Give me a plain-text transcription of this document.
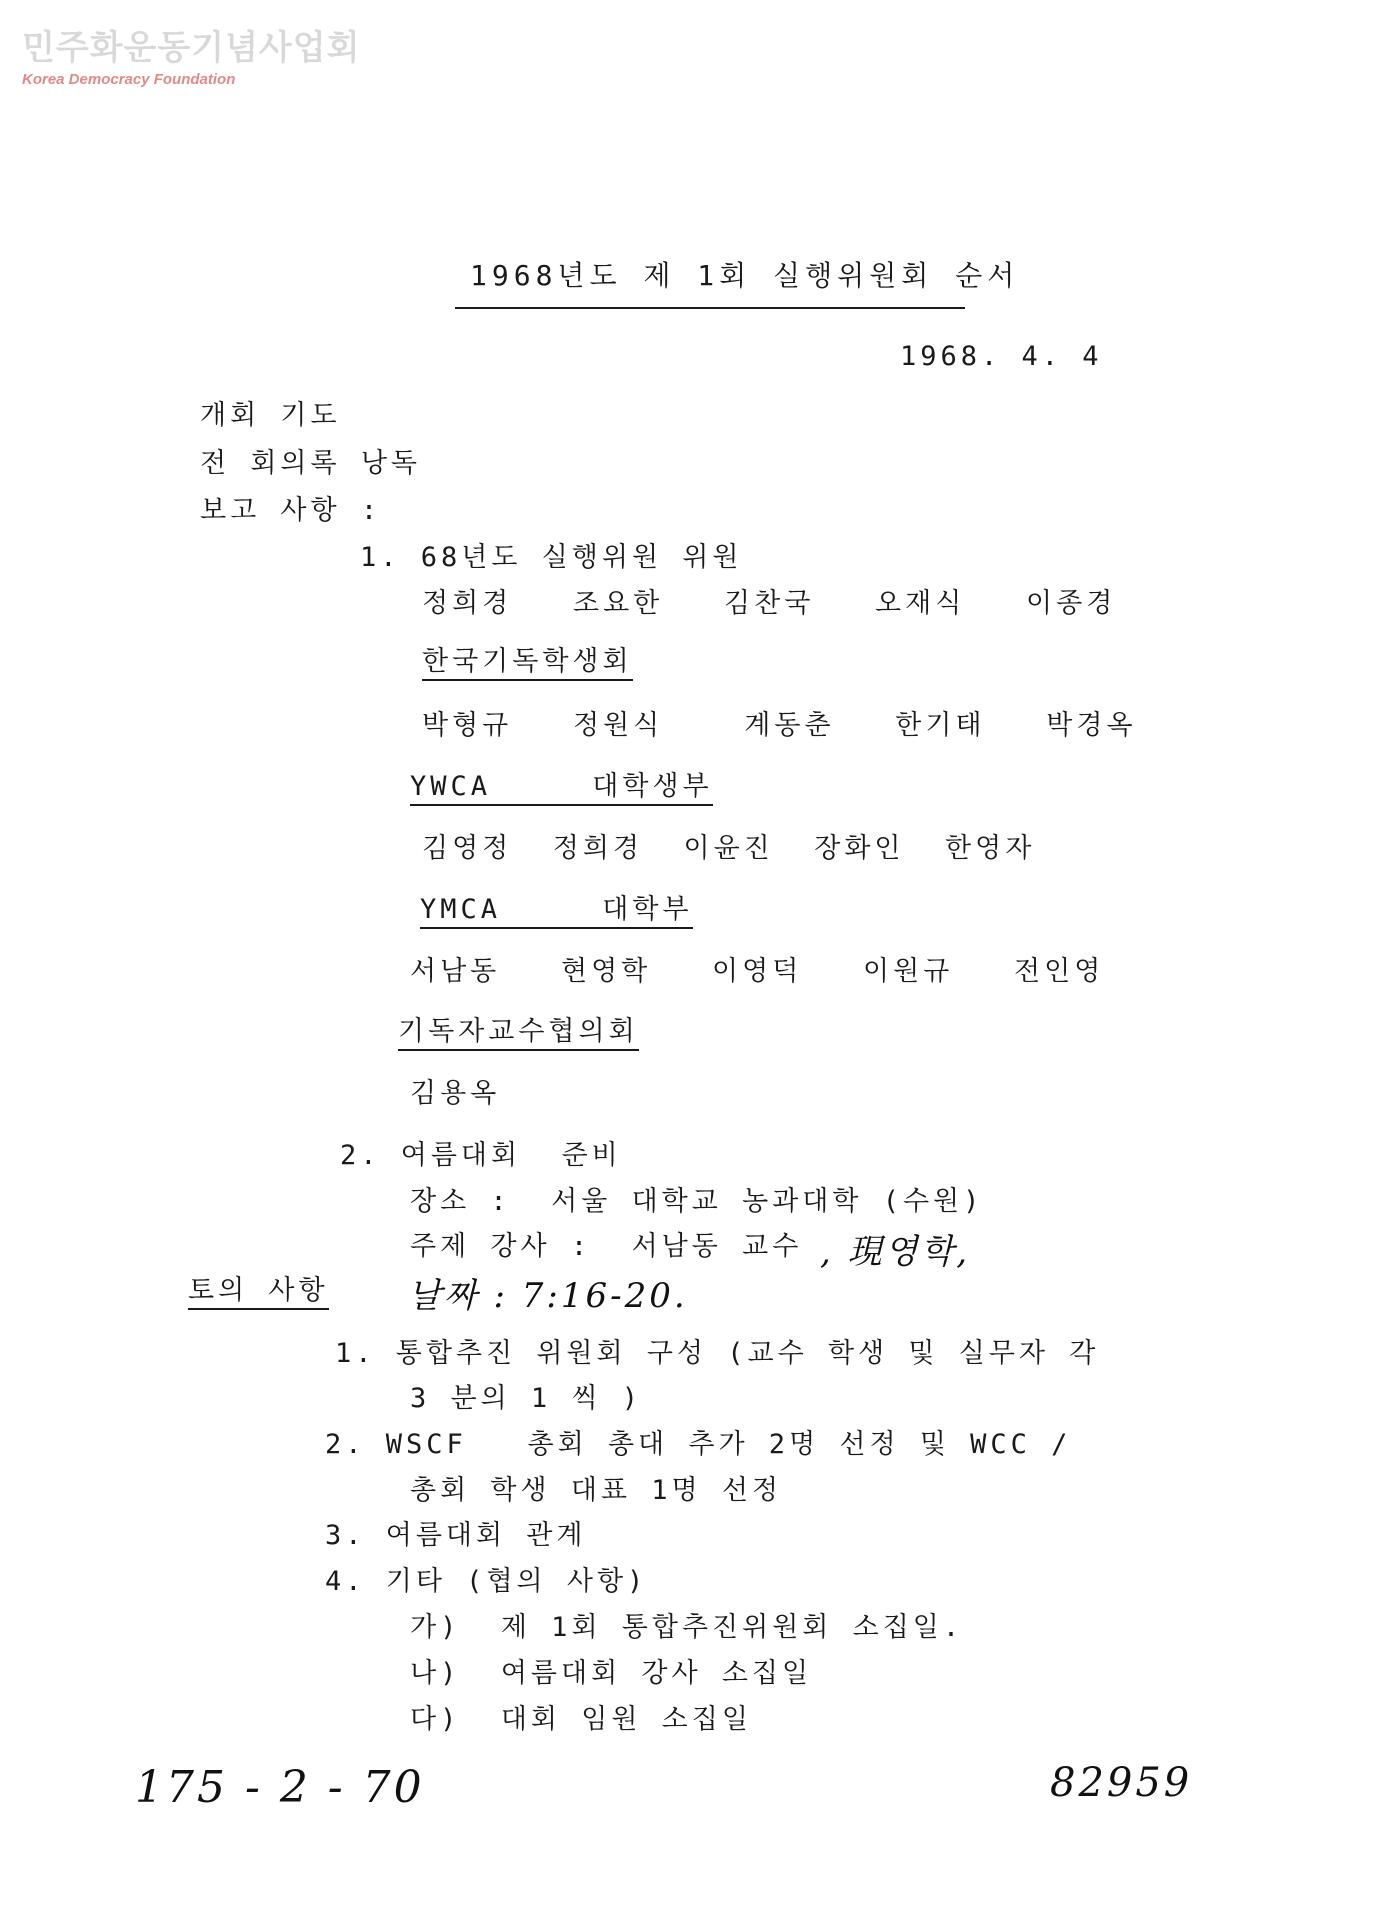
민주화운동기념사업회
Korea Democracy Foundation
1968년도 제 1회 실행위원회 순서
1968. 4. 4
개회 기도
전 회의록 낭독
보고 사항 :
1. 68년도 실행위원 위원
정희경   조요한   김찬국   오재식   이종경
한국기독학생회
박형규   정원식    계동춘   한기태   박경옥
YWCA     대학생부
김영정  정희경  이윤진  장화인  한영자
YMCA     대학부
서남동   현영학   이영덕   이원규   전인영
기독자교수협의회
김용옥
2. 여름대회  준비
장소 :  서울 대학교 농과대학 (수원)
주제 강사 :  서남동 교수 , 現영학,
토의 사항 날짜 : 7:16-20.
1. 통합추진 위원회 구성 (교수 학생 및 실무자 각
3 분의 1 씩 )
2. WSCF   총회 총대 추가 2명 선정 및 WCC /
총회 학생 대표 1명 선정
3. 여름대회 관계
4. 기타 (협의 사항)
가)  제 1회 통합추진위원회 소집일.
나)  여름대회 강사 소집일
다)  대회 임원 소집일
175 - 2 - 70	82959
